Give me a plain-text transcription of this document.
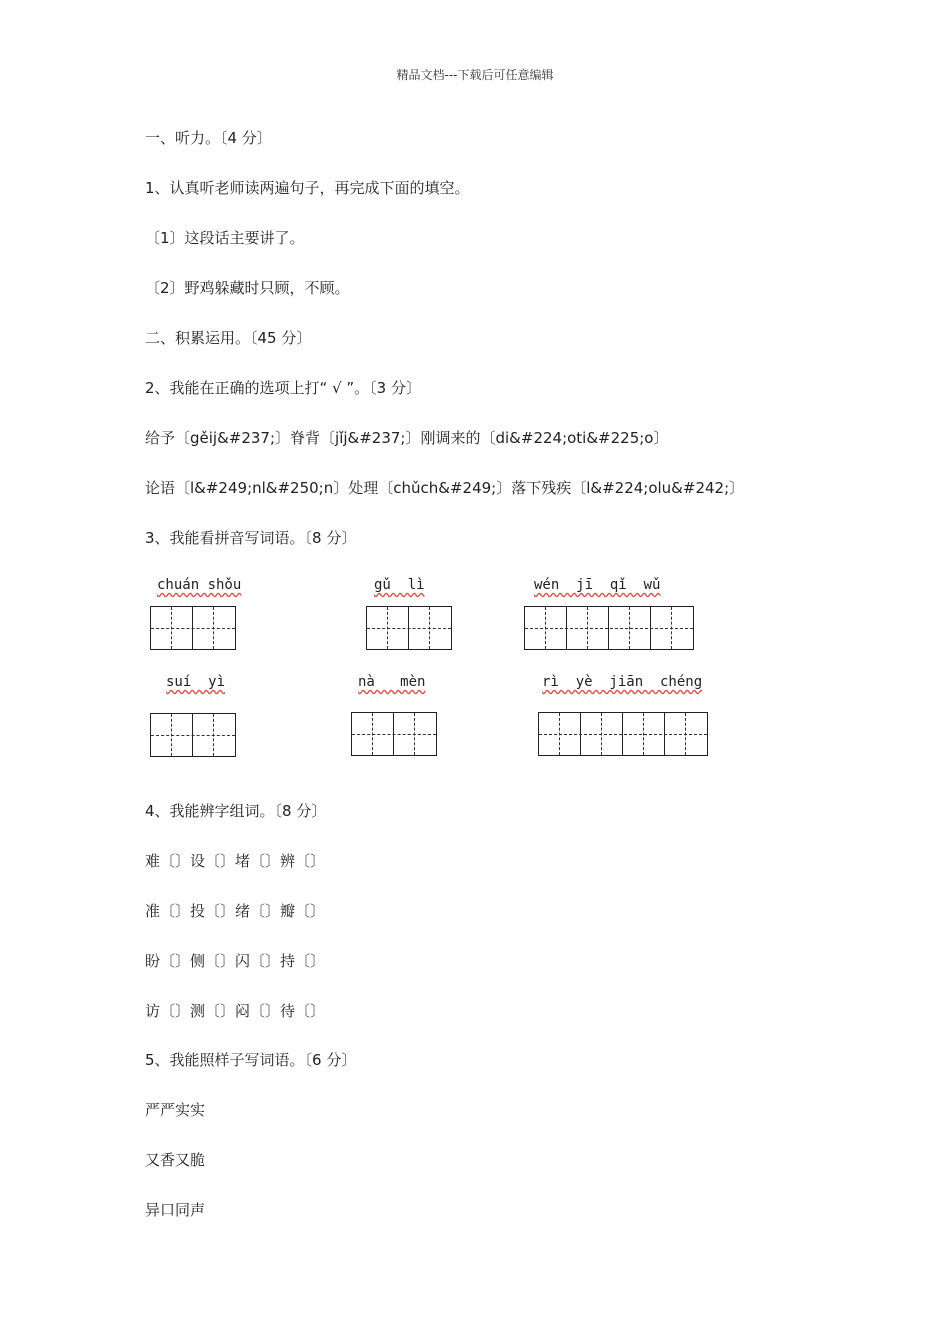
精品文档---下载后可任意编辑
一、听力。〔4 分〕
1、认真听老师读两遍句子，再完成下面的填空。
〔1〕这段话主要讲了。
〔2〕野鸡躲藏时只顾，不顾。
二、积累运用。〔45 分〕
2、我能在正确的选项上打“ √ ”。〔3 分〕
给予〔gěij&#237;〕脊背〔jǐj&#237;〕刚调来的〔di&#224;oti&#225;o〕
论语〔l&#249;nl&#250;n〕处理〔chǔch&#249;〕落下残疾〔l&#224;olu&#242;〕
3、我能看拼音写词语。〔8 分〕
chuán shǒu	gǔ  lì	wén  jī  qǐ  wǔ
suí  yì	nà   mèn	rì  yè  jiān  chéng
4、我能辨字组词。〔8 分〕
难〔〕设〔〕堵〔〕辨〔〕
准〔〕投〔〕绪〔〕瓣〔〕
盼〔〕侧〔〕闪〔〕持〔〕
访〔〕测〔〕闷〔〕待〔〕
5、我能照样子写词语。〔6 分〕
严严实实
又香又脆
异口同声
